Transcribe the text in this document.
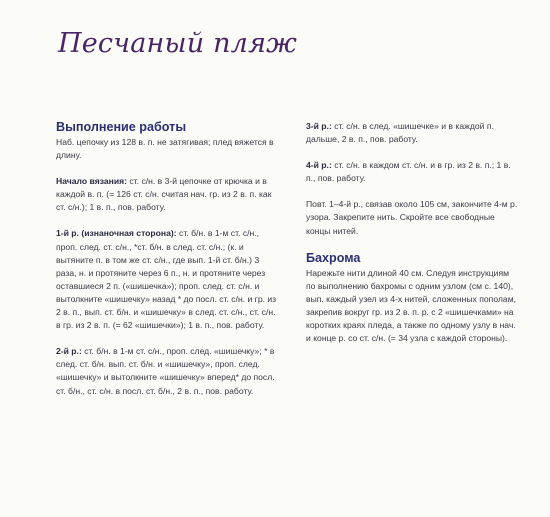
Песчаный пляж
Выполнение работы

Наб. цепочку из 128 в. п. не затягивая; плед вяжется в длину.

Начало вязания: ст. с/н. в 3-й цепочке от крючка и в каждой в. п. (= 126 ст. с/н. считая нач. гр. из 2 в. п. как ст. с/н.); 1 в. п., пов. работу.

1-й р. (изнаночная сторона): ст. б/н. в 1-м ст. с/н., проп. след. ст. с/н., *ст. б/н. в след. ст. с/н.; (к. и вытяните п. в том же ст. с/н., где вып. 1-й ст. б/н.) 3 раза, н. и протяните через 6 п., н. и протяните через оставшиеся 2 п. («шишечка»); проп. след. ст. с/н. и вытолкните «шишечку» назад * до посл. ст. с/н. и гр. из 2 в. п., вып. ст. б/н. и «шишечку» в след. ст. с/н., ст. с/н. в гр. из 2 в. п. (= 62 «шишечки»); 1 в. п., пов. работу.

2-й р.: ст. б/н. в 1-м ст. с/н., проп. след. «шишечку»; * в след. ст. б/н. вып. ст. б/н. и «шишечку», проп. след. «шишечку» и вытолкните «шишечку» вперед* до посл. ст. б/н., ст. с/н. в посл. ст. б/н., 2 в. п., пов. работу.

3-й р.: ст. с/н. в след. «шишечке» и в каждой п. дальше, 2 в. п., пов. работу.

4-й р.: ст. с/н. в каждом ст. с/н. и в гр. из 2 в. п.; 1 в. п., пов. работу.

Повт. 1–4-й р., связав около 105 см, закончите 4-м р. узора. Закрепите нить. Скройте все свободные концы нитей.

Бахрома

Нарежьте нити длиной 40 см. Следуя инструкциям по выполнению бахромы с одним узлом (см с. 140), вып. каждый узел из 4-х нитей, сложенных пополам, закрепив вокруг гр. из 2 в. п. р. с 2 «шишечками» на коротких краях пледа, а также по одному узлу в нач. и конце р. со ст. с/н. (= 34 узла с каждой стороны).
